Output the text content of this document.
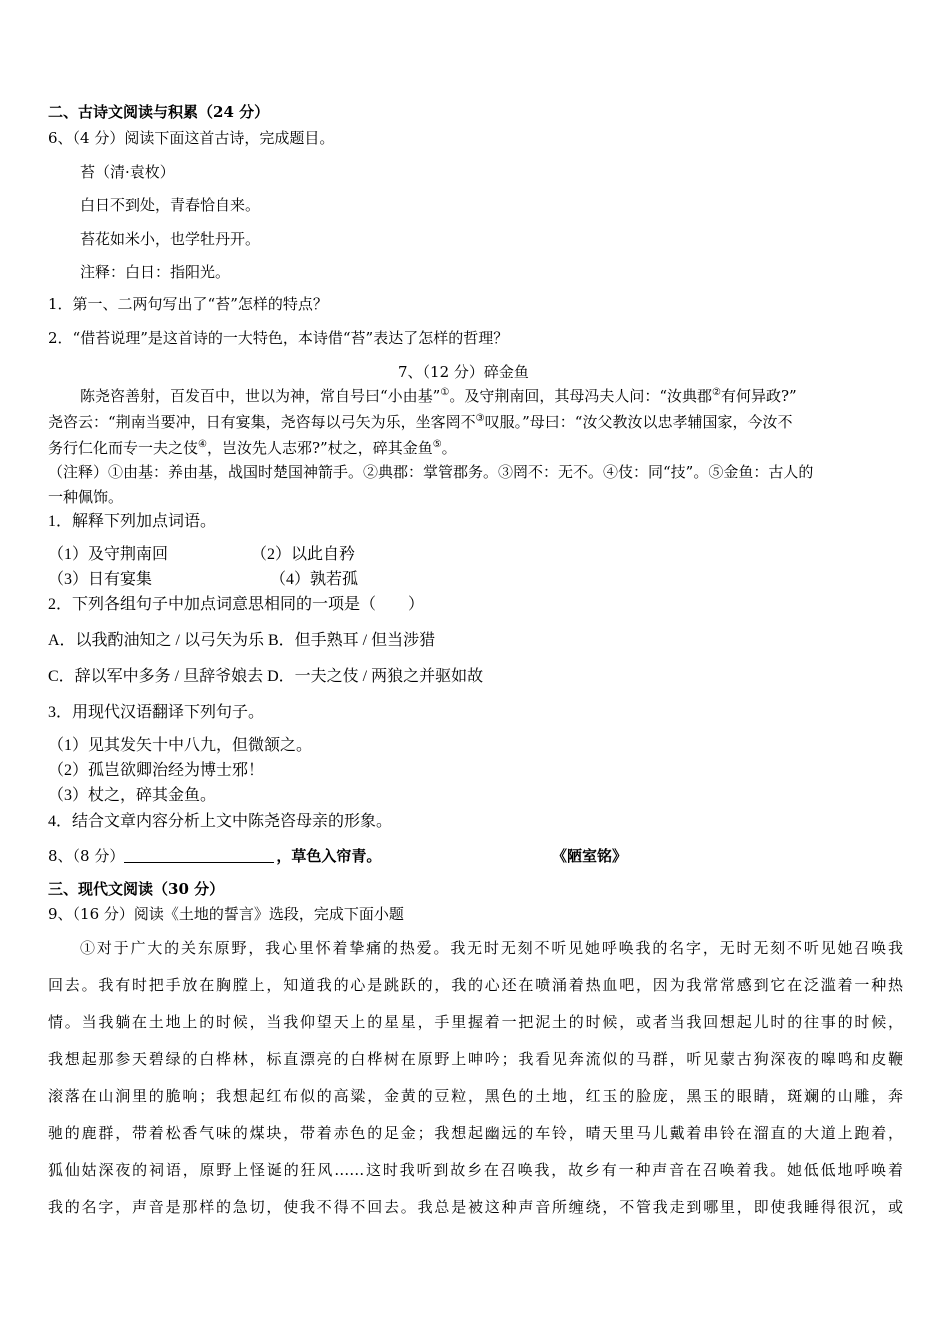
二、古诗文阅读与积累（24 分）
6、（4 分）阅读下面这首古诗，完成题目。
苔（清·袁枚）
白日不到处，青春恰自来。
苔花如米小，也学牡丹开。
注释：白日：指阳光。
1．第一、二两句写出了“苔”怎样的特点？
2．“借苔说理”是这首诗的一大特色，本诗借“苔”表达了怎样的哲理？
7、（12 分）碎金鱼
陈尧咨善射，百发百中，世以为神，常自号曰“小由基”①。及守荆南回，其母冯夫人问：“汝典郡②有何异政?”
尧咨云：“荆南当要冲，日有宴集，尧咨每以弓矢为乐，坐客罔不③叹服。”母曰：“汝父教汝以忠孝辅国家，今汝不
务行仁化而专一夫之伎④，岂汝先人志邪?”杖之，碎其金鱼⑤。
（注释）①由基：养由基，战国时楚国神箭手。②典郡：掌管郡务。③罔不：无不。④伎：同“技”。⑤金鱼：古人的
一种佩饰。
1．解释下列加点词语。
（1）及守荆南回	（2）以此自矜
（3）日有宴集	（4）孰若孤
2．下列各组句子中加点词意思相同的一项是（　　）
A．以我酌油知之 / 以弓矢为乐 B．但手熟耳 / 但当涉猎
C．辞以军中多务 / 旦辞爷娘去 D．一夫之伎 / 两狼之并驱如故
3．用现代汉语翻译下列句子。
（1）见其发矢十中八九，但微颔之。
（2）孤岂欲卿治经为博士邪！
（3）杖之，碎其金鱼。
4．结合文章内容分析上文中陈尧咨母亲的形象。
8、（8 分）	，草色入帘青。	《陋室铭》
三、现代文阅读（30 分）
9、（16 分）阅读《土地的誓言》选段，完成下面小题
①对于广大的关东原野，我心里怀着挚痛的热爱。我无时无刻不听见她呼唤我的名字，无时无刻不听见她召唤我
回去。我有时把手放在胸膛上，知道我的心是跳跃的，我的心还在喷涌着热血吧，因为我常常感到它在泛滥着一种热
情。当我躺在土地上的时候，当我仰望天上的星星，手里握着一把泥土的时候，或者当我回想起儿时的往事的时候，
我想起那参天碧绿的白桦林，标直漂亮的白桦树在原野上呻吟；我看见奔流似的马群，听见蒙古狗深夜的嗥鸣和皮鞭
滚落在山涧里的脆响；我想起红布似的高粱，金黄的豆粒，黑色的土地，红玉的脸庞，黑玉的眼睛，斑斓的山雕，奔
驰的鹿群，带着松香气味的煤块，带着赤色的足金；我想起幽远的车铃，晴天里马儿戴着串铃在溜直的大道上跑着，
狐仙姑深夜的祠语，原野上怪诞的狂风……这时我听到故乡在召唤我，故乡有一种声音在召唤着我。她低低地呼唤着
我的名字，声音是那样的急切，使我不得不回去。我总是被这种声音所缠绕，不管我走到哪里，即使我睡得很沉，或
